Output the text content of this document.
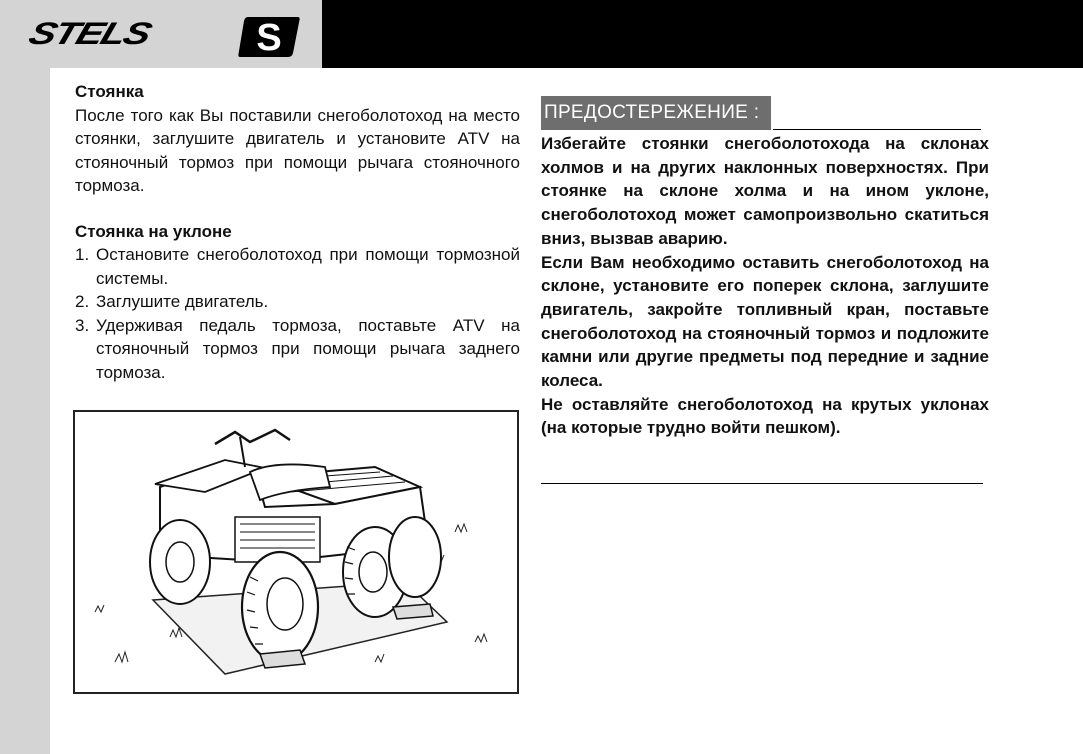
STELS	S

Стоянка

После того как Вы поставили снегоболотоход на место стоянки, заглушите двигатель и установите ATV на стояночный тормоз при помощи рычага стояночного тормоза.

Стоянка на уклоне

1. Остановите снегоболотоход при помощи тормозной системы.
2. Заглушите двигатель.
3. Удерживая педаль тормоза, поставьте ATV на стояночный тормоз при помощи рычага заднего тормоза.
ПРЕДОСТЕРЕЖЕНИЕ :

Избегайте стоянки снегоболотохода на склонах холмов и на других наклонных поверхностях. При стоянке на склоне холма и на ином уклоне, снегоболотоход может самопроизвольно скатиться вниз, вызвав аварию.

Если Вам необходимо оставить снегоболотоход на склоне, установите его поперек склона, заглушите двигатель, закройте топливный кран, поставьте снегоболотоход на стояночный тормоз и подложите камни или другие предметы под передние и задние колеса.

Не оставляйте снегоболотоход на крутых уклонах (на которые трудно войти пешком).
